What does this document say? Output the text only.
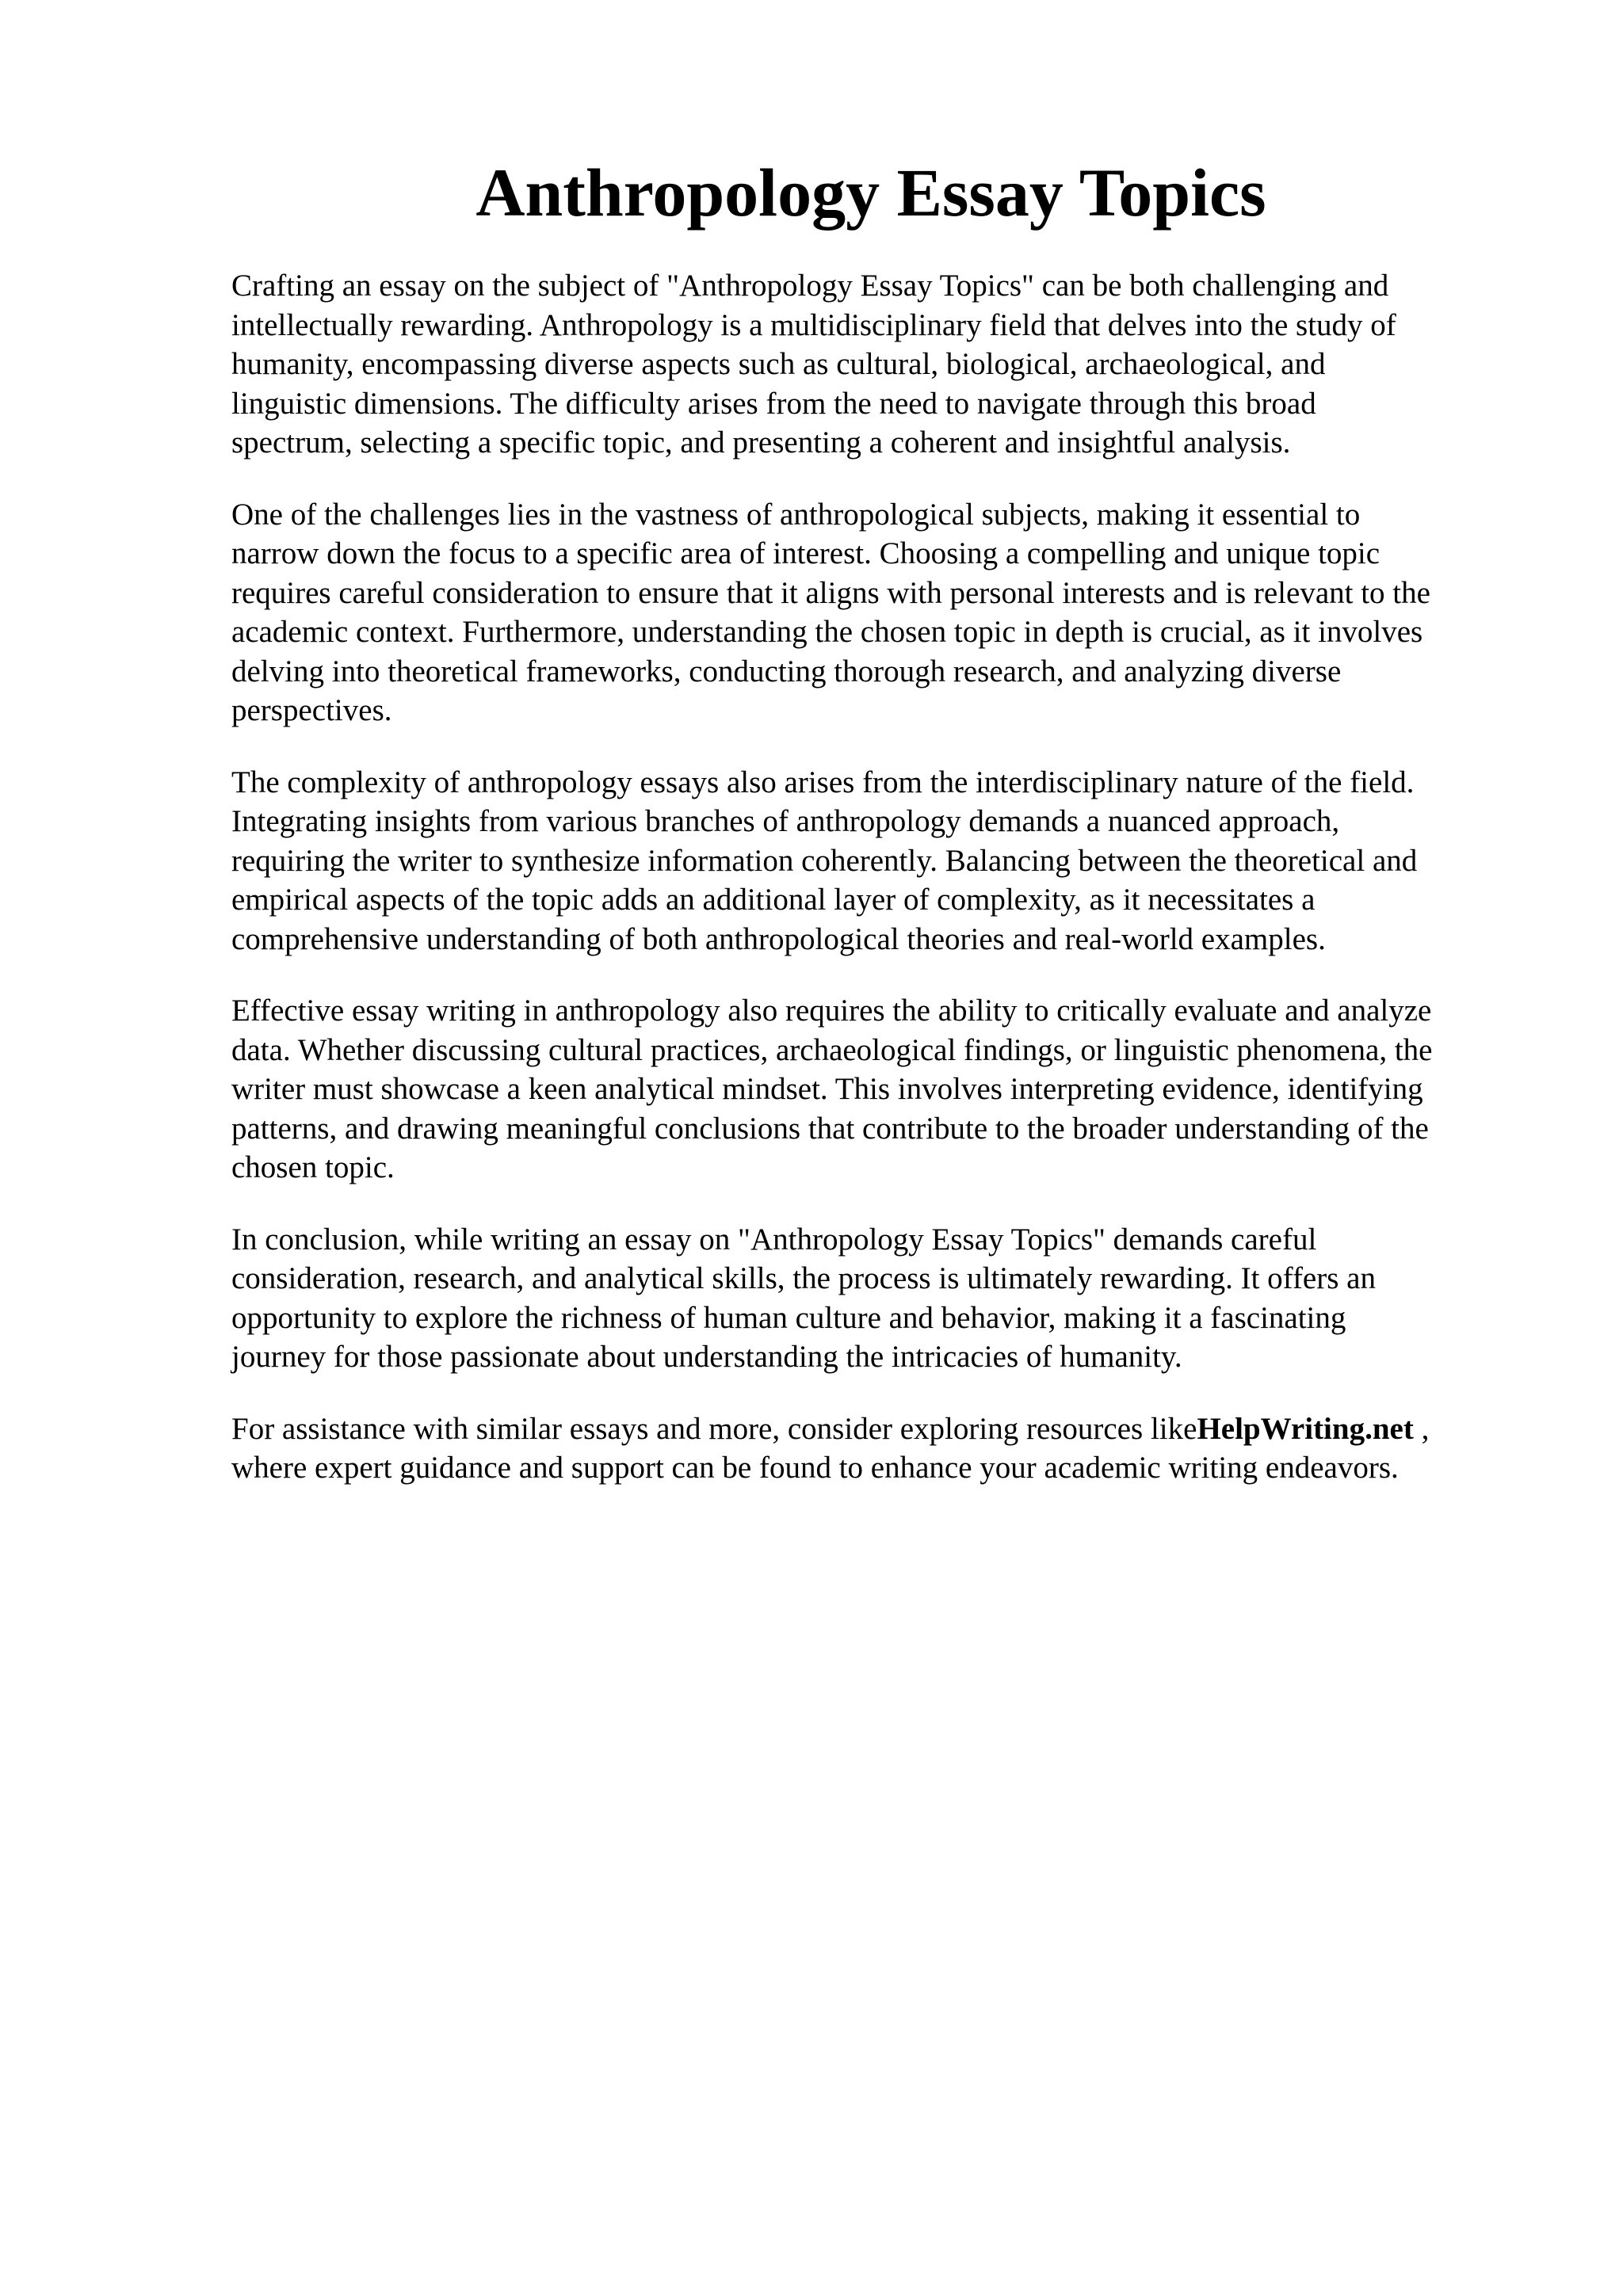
Anthropology Essay Topics

Crafting an essay on the subject of "Anthropology Essay Topics" can be both challenging and
intellectually rewarding. Anthropology is a multidisciplinary field that delves into the study of
humanity, encompassing diverse aspects such as cultural, biological, archaeological, and
linguistic dimensions. The difficulty arises from the need to navigate through this broad
spectrum, selecting a specific topic, and presenting a coherent and insightful analysis.

One of the challenges lies in the vastness of anthropological subjects, making it essential to
narrow down the focus to a specific area of interest. Choosing a compelling and unique topic
requires careful consideration to ensure that it aligns with personal interests and is relevant to the
academic context. Furthermore, understanding the chosen topic in depth is crucial, as it involves
delving into theoretical frameworks, conducting thorough research, and analyzing diverse
perspectives.

The complexity of anthropology essays also arises from the interdisciplinary nature of the field.
Integrating insights from various branches of anthropology demands a nuanced approach,
requiring the writer to synthesize information coherently. Balancing between the theoretical and
empirical aspects of the topic adds an additional layer of complexity, as it necessitates a
comprehensive understanding of both anthropological theories and real-world examples.

Effective essay writing in anthropology also requires the ability to critically evaluate and analyze
data. Whether discussing cultural practices, archaeological findings, or linguistic phenomena, the
writer must showcase a keen analytical mindset. This involves interpreting evidence, identifying
patterns, and drawing meaningful conclusions that contribute to the broader understanding of the
chosen topic.

In conclusion, while writing an essay on "Anthropology Essay Topics" demands careful
consideration, research, and analytical skills, the process is ultimately rewarding. It offers an
opportunity to explore the richness of human culture and behavior, making it a fascinating
journey for those passionate about understanding the intricacies of humanity.

For assistance with similar essays and more, consider exploring resources likeHelpWriting.net ,
where expert guidance and support can be found to enhance your academic writing endeavors.
